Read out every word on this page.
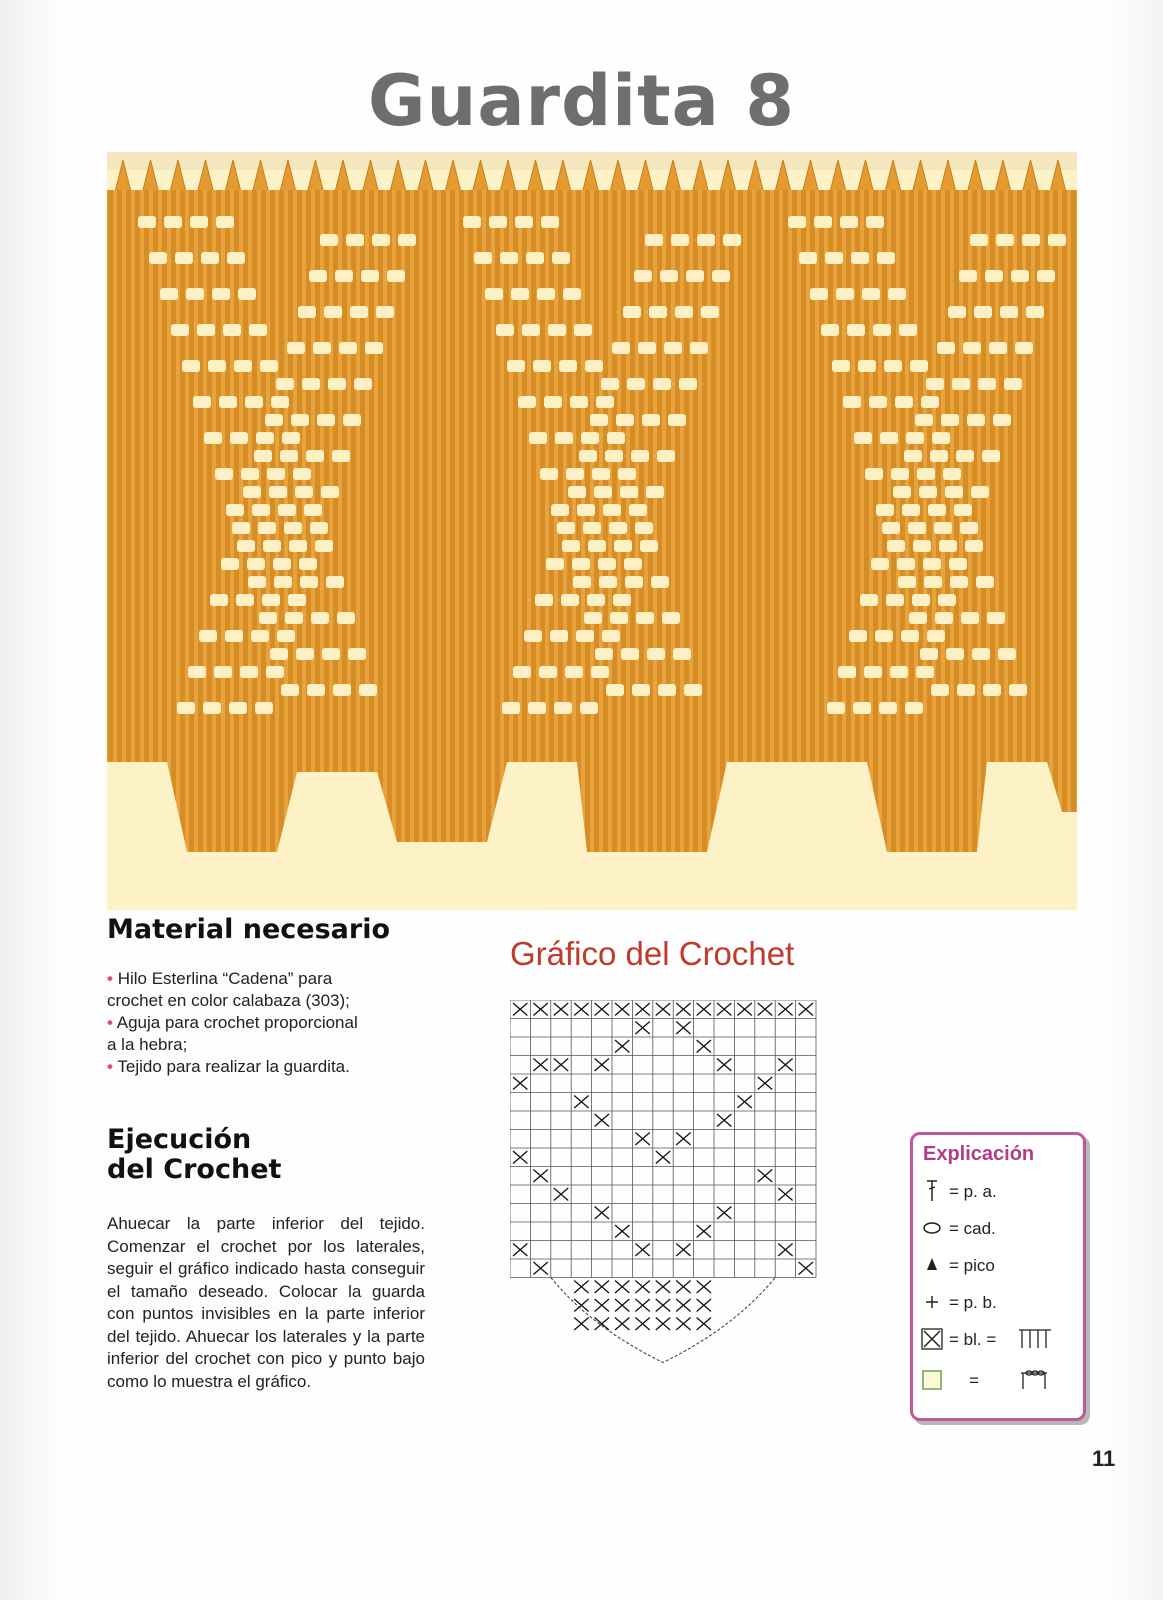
Guardita 8
Material necesario

• Hilo Esterlina “Cadena” para crochet en color calabaza (303);

• Aguja para crochet proporcional a la hebra;

• Tejido para realizar la guardita.

Ejecución
del Crochet
Ahuecar la parte inferior del tejido. Comenzar el crochet por los laterales, seguir el gráfico indicado hasta conseguir el tamaño deseado. Colocar la guarda con puntos invisibles en la parte inferior del tejido. Ahuecar los laterales y la parte inferior del crochet con pico y punto bajo como lo muestra el gráfico.
Gráfico del Crochet
Explicación
= p. a.
= cad.
= pico
= p. b.
= bl. =
=
11
